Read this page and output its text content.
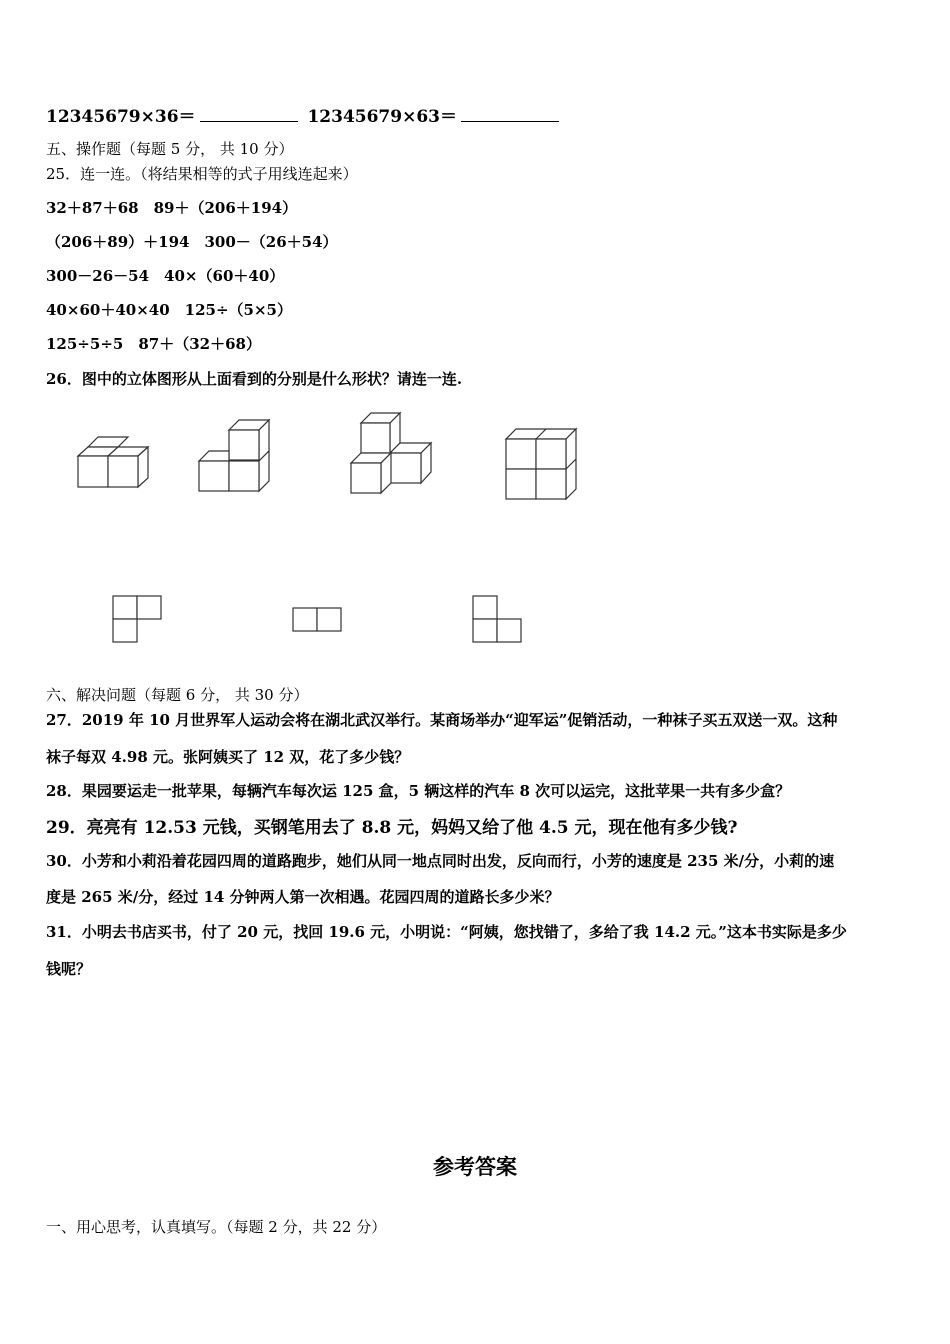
12345679×36＝	12345679×63＝
五、操作题（每题 5 分， 共 10 分）
25．连一连。（将结果相等的式子用线连起来）
32＋87＋68　89＋（206＋194）
（206＋89）＋194　300－（26＋54）
300－26－54　40×（60＋40）
40×60＋40×40　125÷（5×5）
125÷5÷5　87＋（32＋68）
26．图中的立体图形从上面看到的分别是什么形状？请连一连.
六、解决问题（每题 6 分， 共 30 分）
27．2019 年 10 月世界军人运动会将在湖北武汉举行。某商场举办“迎军运”促销活动，一种袜子买五双送一双。这种
袜子每双 4.98 元。张阿姨买了 12 双，花了多少钱？
28．果园要运走一批苹果，每辆汽车每次运 125 盒，5 辆这样的汽车 8 次可以运完，这批苹果一共有多少盒？
29．亮亮有 12.53 元钱，买钢笔用去了 8.8 元，妈妈又给了他 4.5 元，现在他有多少钱?
30．小芳和小莉沿着花园四周的道路跑步，她们从同一地点同时出发，反向而行，小芳的速度是 235 米/分，小莉的速
度是 265 米/分，经过 14 分钟两人第一次相遇。花园四周的道路长多少米？
31．小明去书店买书，付了 20 元，找回 19.6 元，小明说：“阿姨，您找错了，多给了我 14.2 元。”这本书实际是多少
钱呢？
参考答案
一、用心思考，认真填写。（每题 2 分，共 22 分）
